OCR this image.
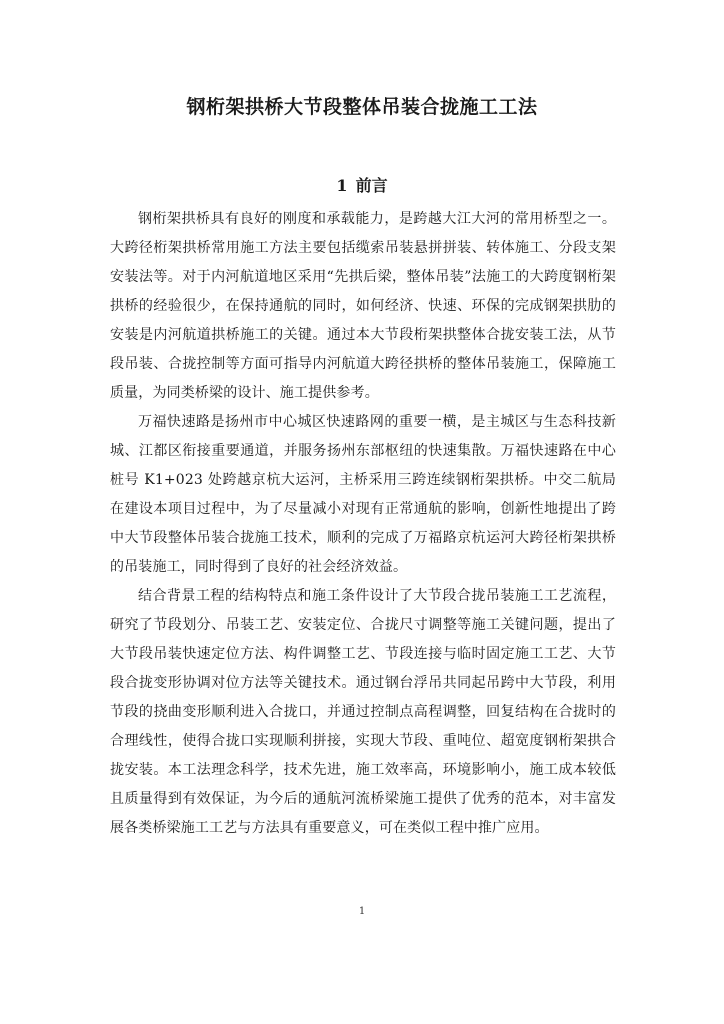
钢桁架拱桥大节段整体吊装合拢施工工法
1 前言

钢桁架拱桥具有良好的刚度和承载能力，是跨越大江大河的常用桥型之一。大跨径桁架拱桥常用施工方法主要包括缆索吊装悬拼拼装、转体施工、分段支架安装法等。对于内河航道地区采用“先拱后梁，整体吊装”法施工的大跨度钢桁架拱桥的经验很少，在保持通航的同时，如何经济、快速、环保的完成钢架拱肋的安装是内河航道拱桥施工的关键。通过本大节段桁架拱整体合拢安装工法，从节段吊装、合拢控制等方面可指导内河航道大跨径拱桥的整体吊装施工，保障施工质量，为同类桥梁的设计、施工提供参考。

万福快速路是扬州市中心城区快速路网的重要一横，是主城区与生态科技新城、江都区衔接重要通道，并服务扬州东部枢纽的快速集散。万福快速路在中心桩号 K1+023 处跨越京杭大运河，主桥采用三跨连续钢桁架拱桥。中交二航局在建设本项目过程中，为了尽量减小对现有正常通航的影响，创新性地提出了跨中大节段整体吊装合拢施工技术，顺利的完成了万福路京杭运河大跨径桁架拱桥的吊装施工，同时得到了良好的社会经济效益。

结合背景工程的结构特点和施工条件设计了大节段合拢吊装施工工艺流程，研究了节段划分、吊装工艺、安装定位、合拢尺寸调整等施工关键问题，提出了大节段吊装快速定位方法、构件调整工艺、节段连接与临时固定施工工艺、大节段合拢变形协调对位方法等关键技术。通过钢台浮吊共同起吊跨中大节段，利用节段的挠曲变形顺利进入合拢口，并通过控制点高程调整，回复结构在合拢时的合理线性，使得合拢口实现顺利拼接，实现大节段、重吨位、超宽度钢桁架拱合拢安装。本工法理念科学，技术先进，施工效率高，环境影响小，施工成本较低且质量得到有效保证，为今后的通航河流桥梁施工提供了优秀的范本，对丰富发展各类桥梁施工工艺与方法具有重要意义，可在类似工程中推广应用。

1
